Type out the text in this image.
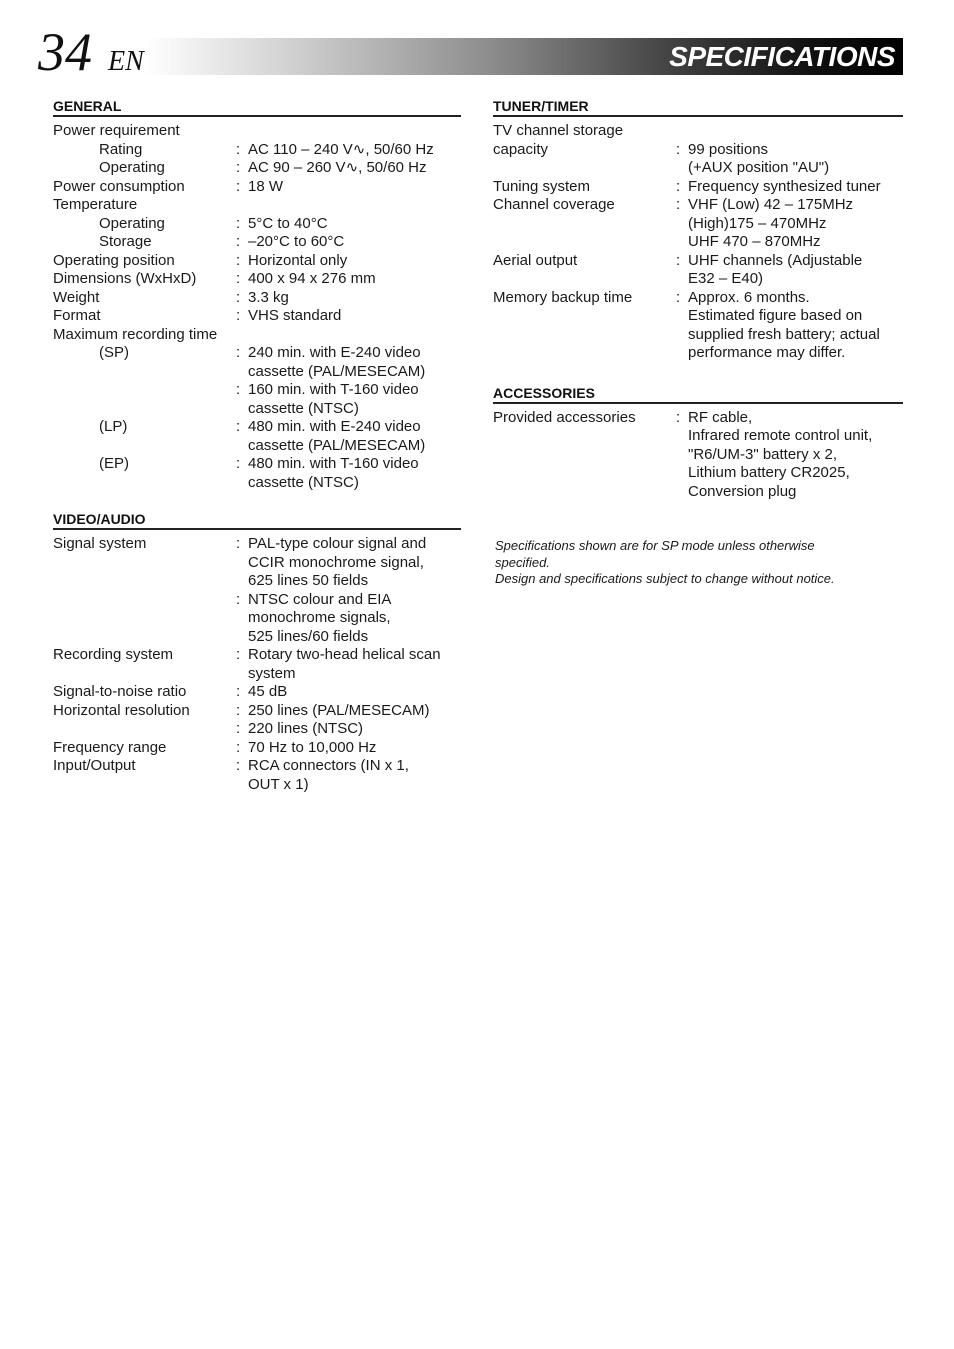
34 EN	SPECIFICATIONS
GENERAL
Power requirement
Rating	: AC 110 – 240 V∿, 50/60 Hz
Operating	: AC 90 – 260 V∿, 50/60 Hz
Power consumption	: 18 W
Temperature
Operating	: 5°C to 40°C
Storage	: –20°C to 60°C
Operating position	: Horizontal only
Dimensions (WxHxD)	: 400 x 94 x 276 mm
Weight	: 3.3 kg
Format	: VHS standard
Maximum recording time
(SP)	: 240 min. with E-240 video
cassette (PAL/MESECAM)
: 160 min. with T-160 video
cassette (NTSC)
(LP)	: 480 min. with E-240 video
cassette (PAL/MESECAM)
(EP)	: 480 min. with T-160 video
cassette (NTSC)
VIDEO/AUDIO
Signal system	: PAL-type colour signal and
CCIR monochrome signal,
625 lines 50 fields
: NTSC colour and EIA
monochrome signals,
525 lines/60 fields
Recording system	: Rotary two-head helical scan
system
Signal-to-noise ratio	: 45 dB
Horizontal resolution	: 250 lines (PAL/MESECAM)
: 220 lines (NTSC)
Frequency range	: 70 Hz to 10,000 Hz
Input/Output	: RCA connectors (IN x 1,
OUT x 1)
TUNER/TIMER
TV channel storage
capacity	: 99 positions
(+AUX position "AU")
Tuning system	: Frequency synthesized tuner
Channel coverage	: VHF (Low) 42 – 175MHz
(High)175 – 470MHz
UHF 470 – 870MHz
Aerial output	: UHF channels (Adjustable
E32 – E40)
Memory backup time	: Approx. 6 months.
Estimated figure based on
supplied fresh battery; actual
performance may differ.
ACCESSORIES
Provided accessories	: RF cable,
Infrared remote control unit,
"R6/UM-3" battery x 2,
Lithium battery CR2025,
Conversion plug
Specifications shown are for SP mode unless otherwise
specified.
Design and specifications subject to change without notice.
